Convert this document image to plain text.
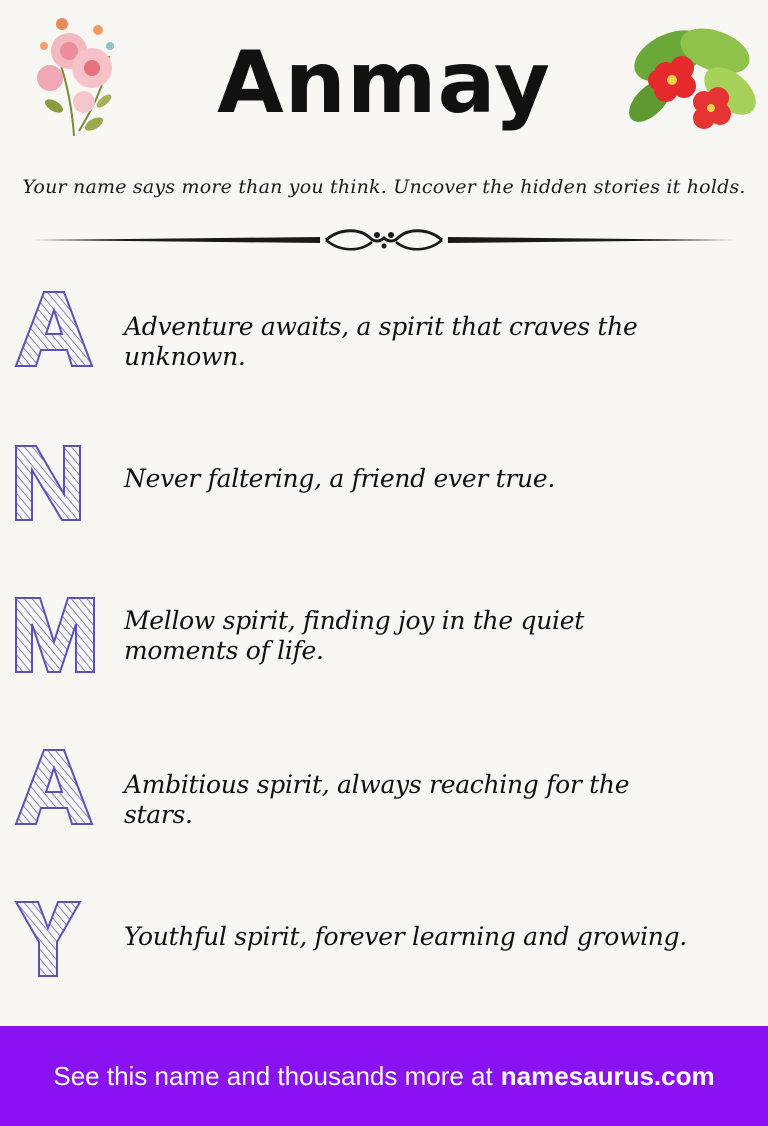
Anmay
Your name says more than you think. Uncover the hidden stories it holds.
Adventure awaits, a spirit that craves the unknown.
Never faltering, a friend ever true.
Mellow spirit, finding joy in the quiet moments of life.
Ambitious spirit, always reaching for the stars.
Youthful spirit, forever learning and growing.
See this name and thousands more at namesaurus.com
